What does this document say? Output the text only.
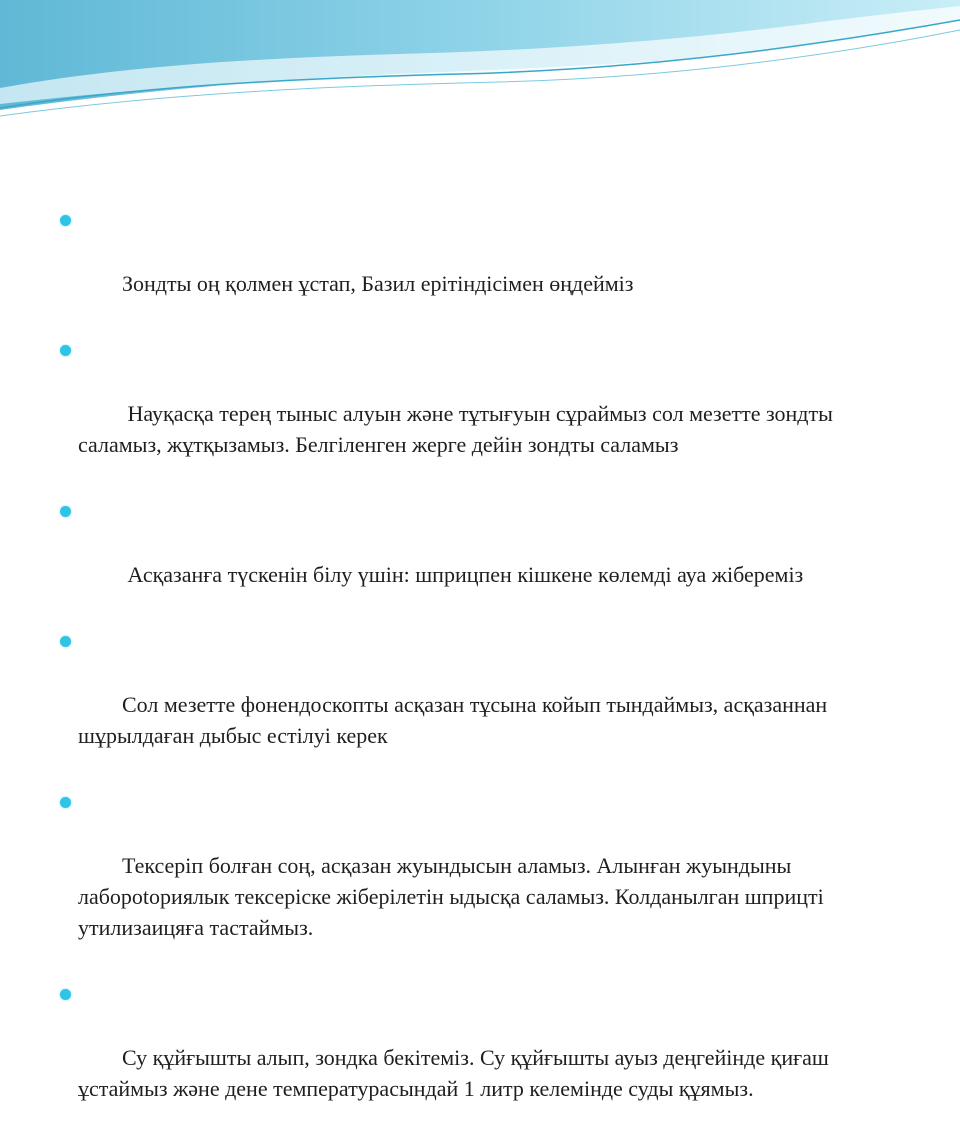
Зондты оң қолмен ұстап, Базил ерітіндісімен өңдейміз

Науқасқа терең тыныс алуын және тұтығуын сұраймыз сол мезетте зондты саламыз, жұтқызамыз. Белгіленген жерге дейін зондты саламыз

Асқазанға түскенін білу үшін: шприцпен кішкене көлемді ауа жібереміз

Сол мезетте фонендоскопты асқазан тұсына койып тындаймыз, асқазаннан шұрылдаған дыбыс естілуі керек

Тексеріп болған соң, асқазан жуындысын аламыз. Алынған жуындыны  лаборotoриялык тексеріске жіберілетін ыдысқа саламыз. Колданылган шприцті утилизаицяға тастаймыз.

Су құйғышты алып, зондка бекітеміз. Су құйғышты ауыз деңгейінде қиғаш ұстаймыз және дене температурасындай 1 литр келемінде суды құямыз.
